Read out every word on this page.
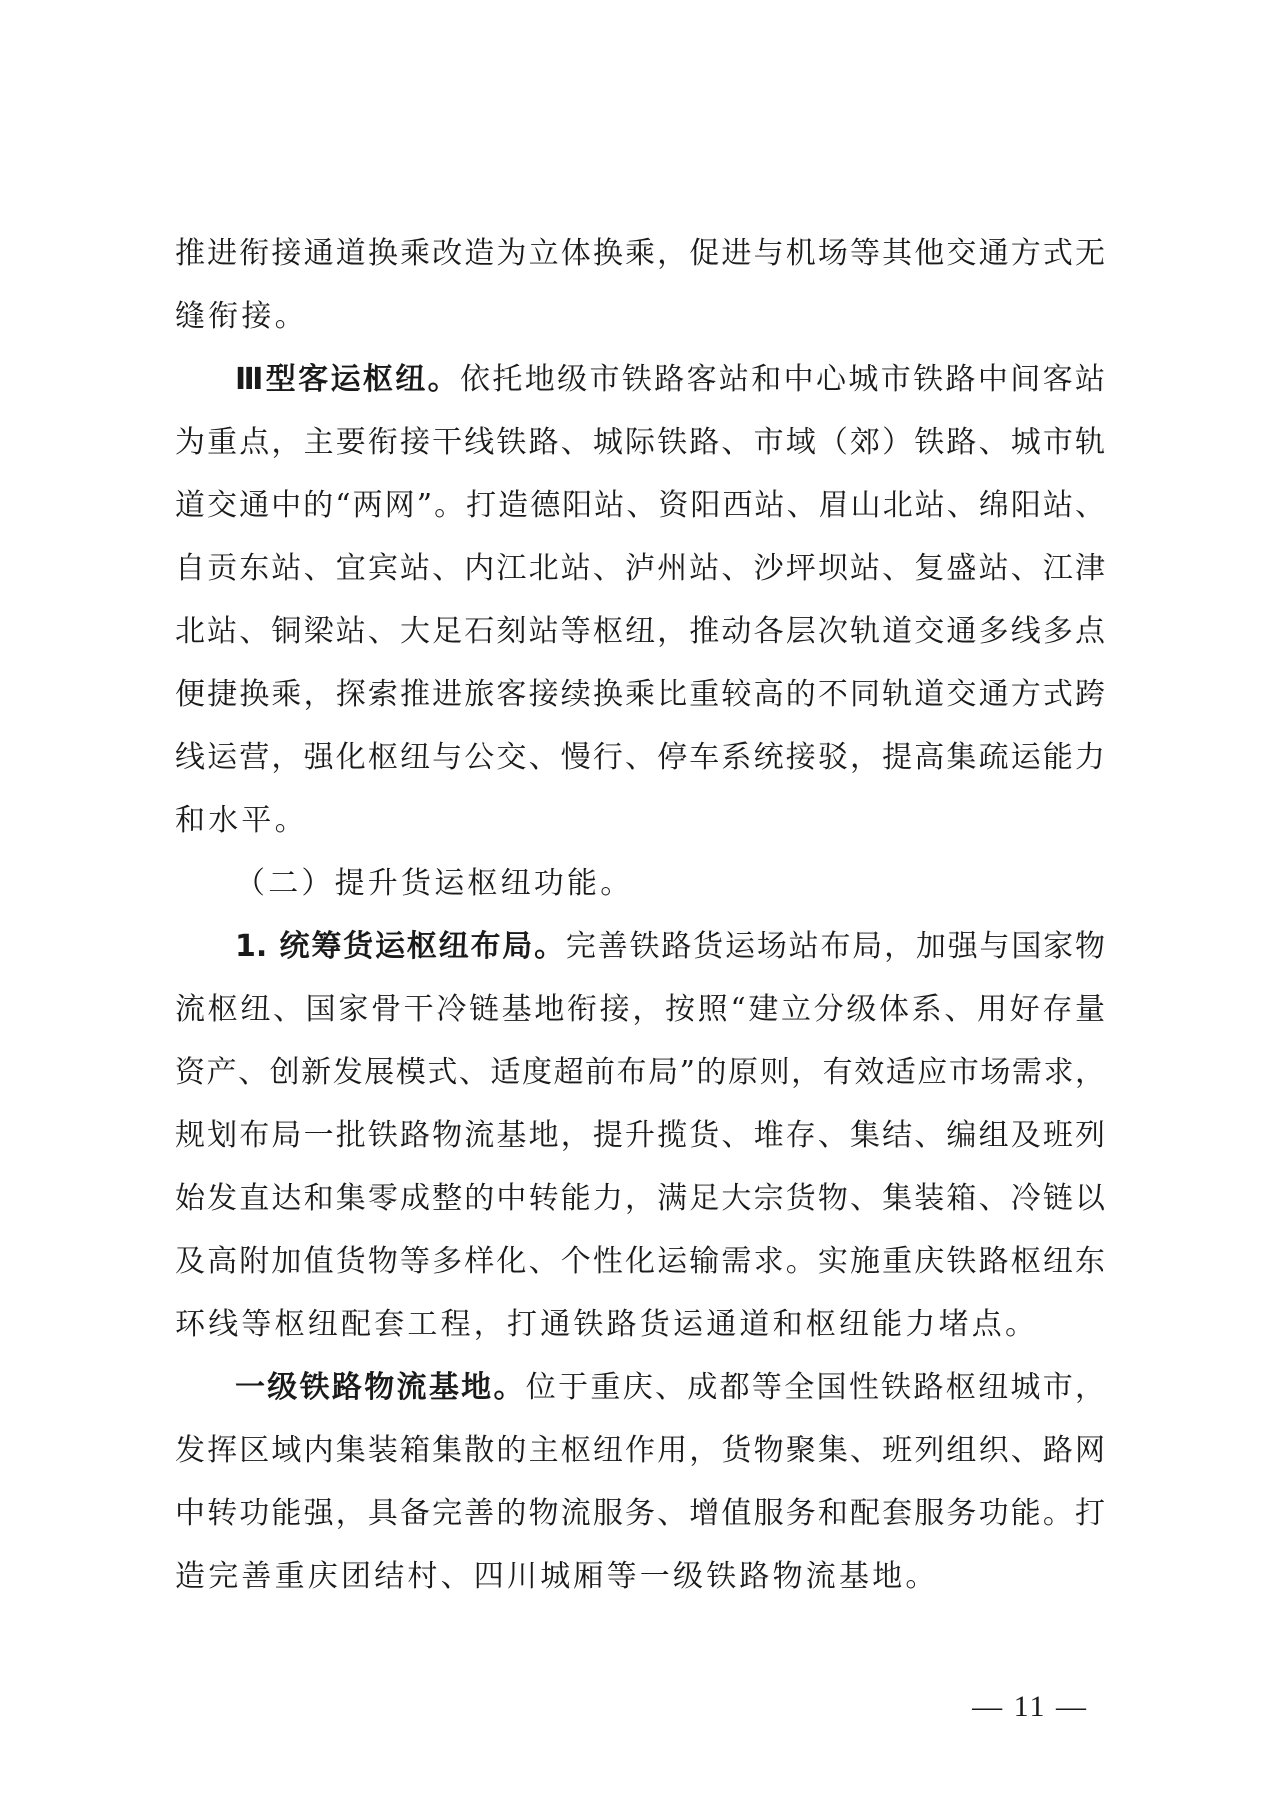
推进衔接通道换乘改造为立体换乘，促进与机场等其他交通方式无
缝衔接。
Ⅲ型客运枢纽。依托地级市铁路客站和中心城市铁路中间客站
为重点，主要衔接干线铁路、城际铁路、市域（郊）铁路、城市轨
道交通中的“两网”。打造德阳站、资阳西站、眉山北站、绵阳站、
自贡东站、宜宾站、内江北站、泸州站、沙坪坝站、复盛站、江津
北站、铜梁站、大足石刻站等枢纽，推动各层次轨道交通多线多点
便捷换乘，探索推进旅客接续换乘比重较高的不同轨道交通方式跨
线运营，强化枢纽与公交、慢行、停车系统接驳，提高集疏运能力
和水平。
（二）提升货运枢纽功能。
1. 统筹货运枢纽布局。完善铁路货运场站布局，加强与国家物
流枢纽、国家骨干冷链基地衔接，按照“建立分级体系、用好存量
资产、创新发展模式、适度超前布局”的原则，有效适应市场需求，
规划布局一批铁路物流基地，提升揽货、堆存、集结、编组及班列
始发直达和集零成整的中转能力，满足大宗货物、集装箱、冷链以
及高附加值货物等多样化、个性化运输需求。实施重庆铁路枢纽东
环线等枢纽配套工程，打通铁路货运通道和枢纽能力堵点。
一级铁路物流基地。位于重庆、成都等全国性铁路枢纽城市，
发挥区域内集装箱集散的主枢纽作用，货物聚集、班列组织、路网
中转功能强，具备完善的物流服务、增值服务和配套服务功能。打
造完善重庆团结村、四川城厢等一级铁路物流基地。
— 11 —
